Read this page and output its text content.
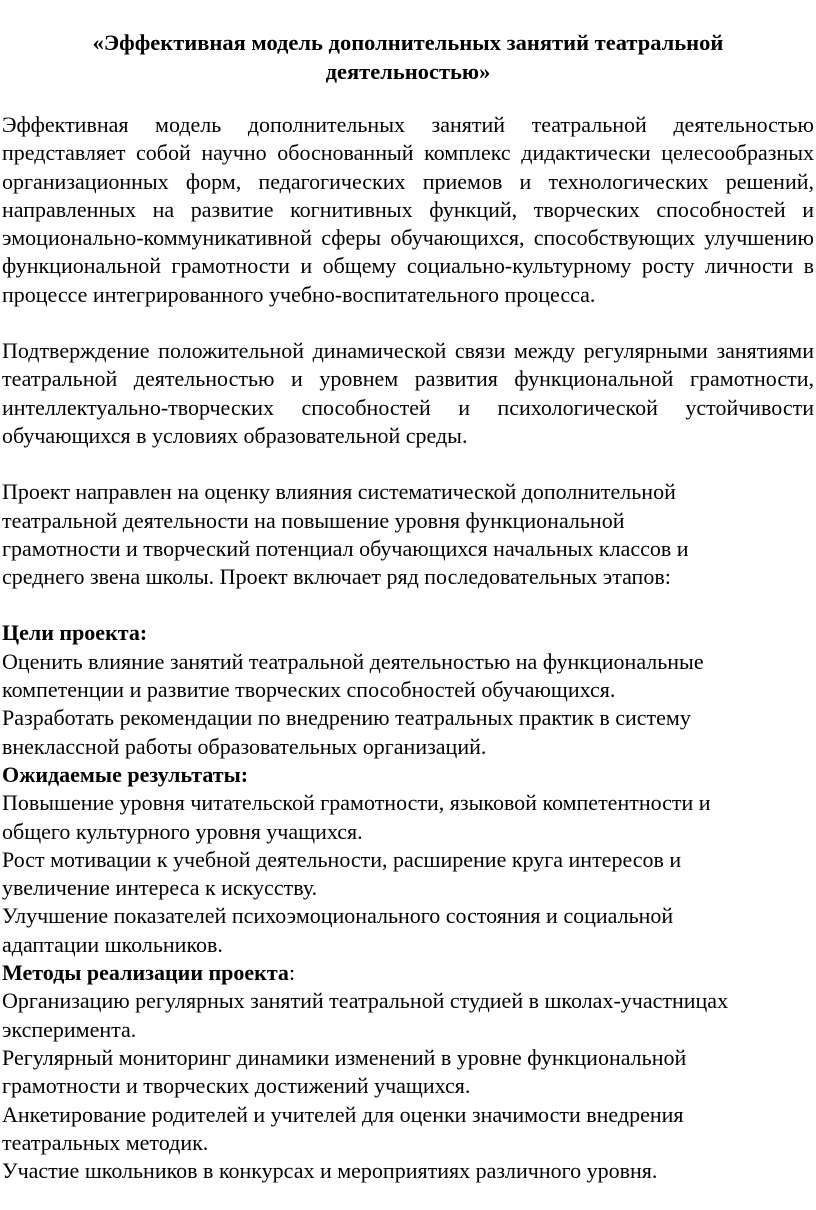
«Эффективная модель дополнительных занятий театральной
деятельностью»

Эффективная модель дополнительных занятий театральной деятельностью представляет собой научно обоснованный комплекс дидактически целесообразных организационных форм, педагогических приемов и технологических решений, направленных на развитие когнитивных функций, творческих способностей и эмоционально-коммуникативной сферы обучающихся, способствующих улучшению функциональной грамотности и общему социально-культурному росту личности в процессе интегрированного учебно-воспитательного процесса.

Подтверждение положительной динамической связи между регулярными занятиями театральной деятельностью и уровнем развития функциональной грамотности, интеллектуально-творческих способностей и психологической устойчивости обучающихся в условиях образовательной среды.

Проект направлен на оценку влияния систематической дополнительной
театральной деятельности на повышение уровня функциональной
грамотности и творческий потенциал обучающихся начальных классов и
среднего звена школы. Проект включает ряд последовательных этапов:
Цели проекта:
Оценить влияние занятий театральной деятельностью на функциональные
компетенции и развитие творческих способностей обучающихся.
Разработать рекомендации по внедрению театральных практик в систему
внеклассной работы образовательных организаций.
Ожидаемые результаты:
Повышение уровня читательской грамотности, языковой компетентности и
общего культурного уровня учащихся.
Рост мотивации к учебной деятельности, расширение круга интересов и
увеличение интереса к искусству.
Улучшение показателей психоэмоционального состояния и социальной
адаптации школьников.
Методы реализации проекта:
Организацию регулярных занятий театральной студией в школах-участницах
эксперимента.
Регулярный мониторинг динамики изменений в уровне функциональной
грамотности и творческих достижений учащихся.
Анкетирование родителей и учителей для оценки значимости внедрения
театральных методик.
Участие школьников в конкурсах и мероприятиях различного уровня.
